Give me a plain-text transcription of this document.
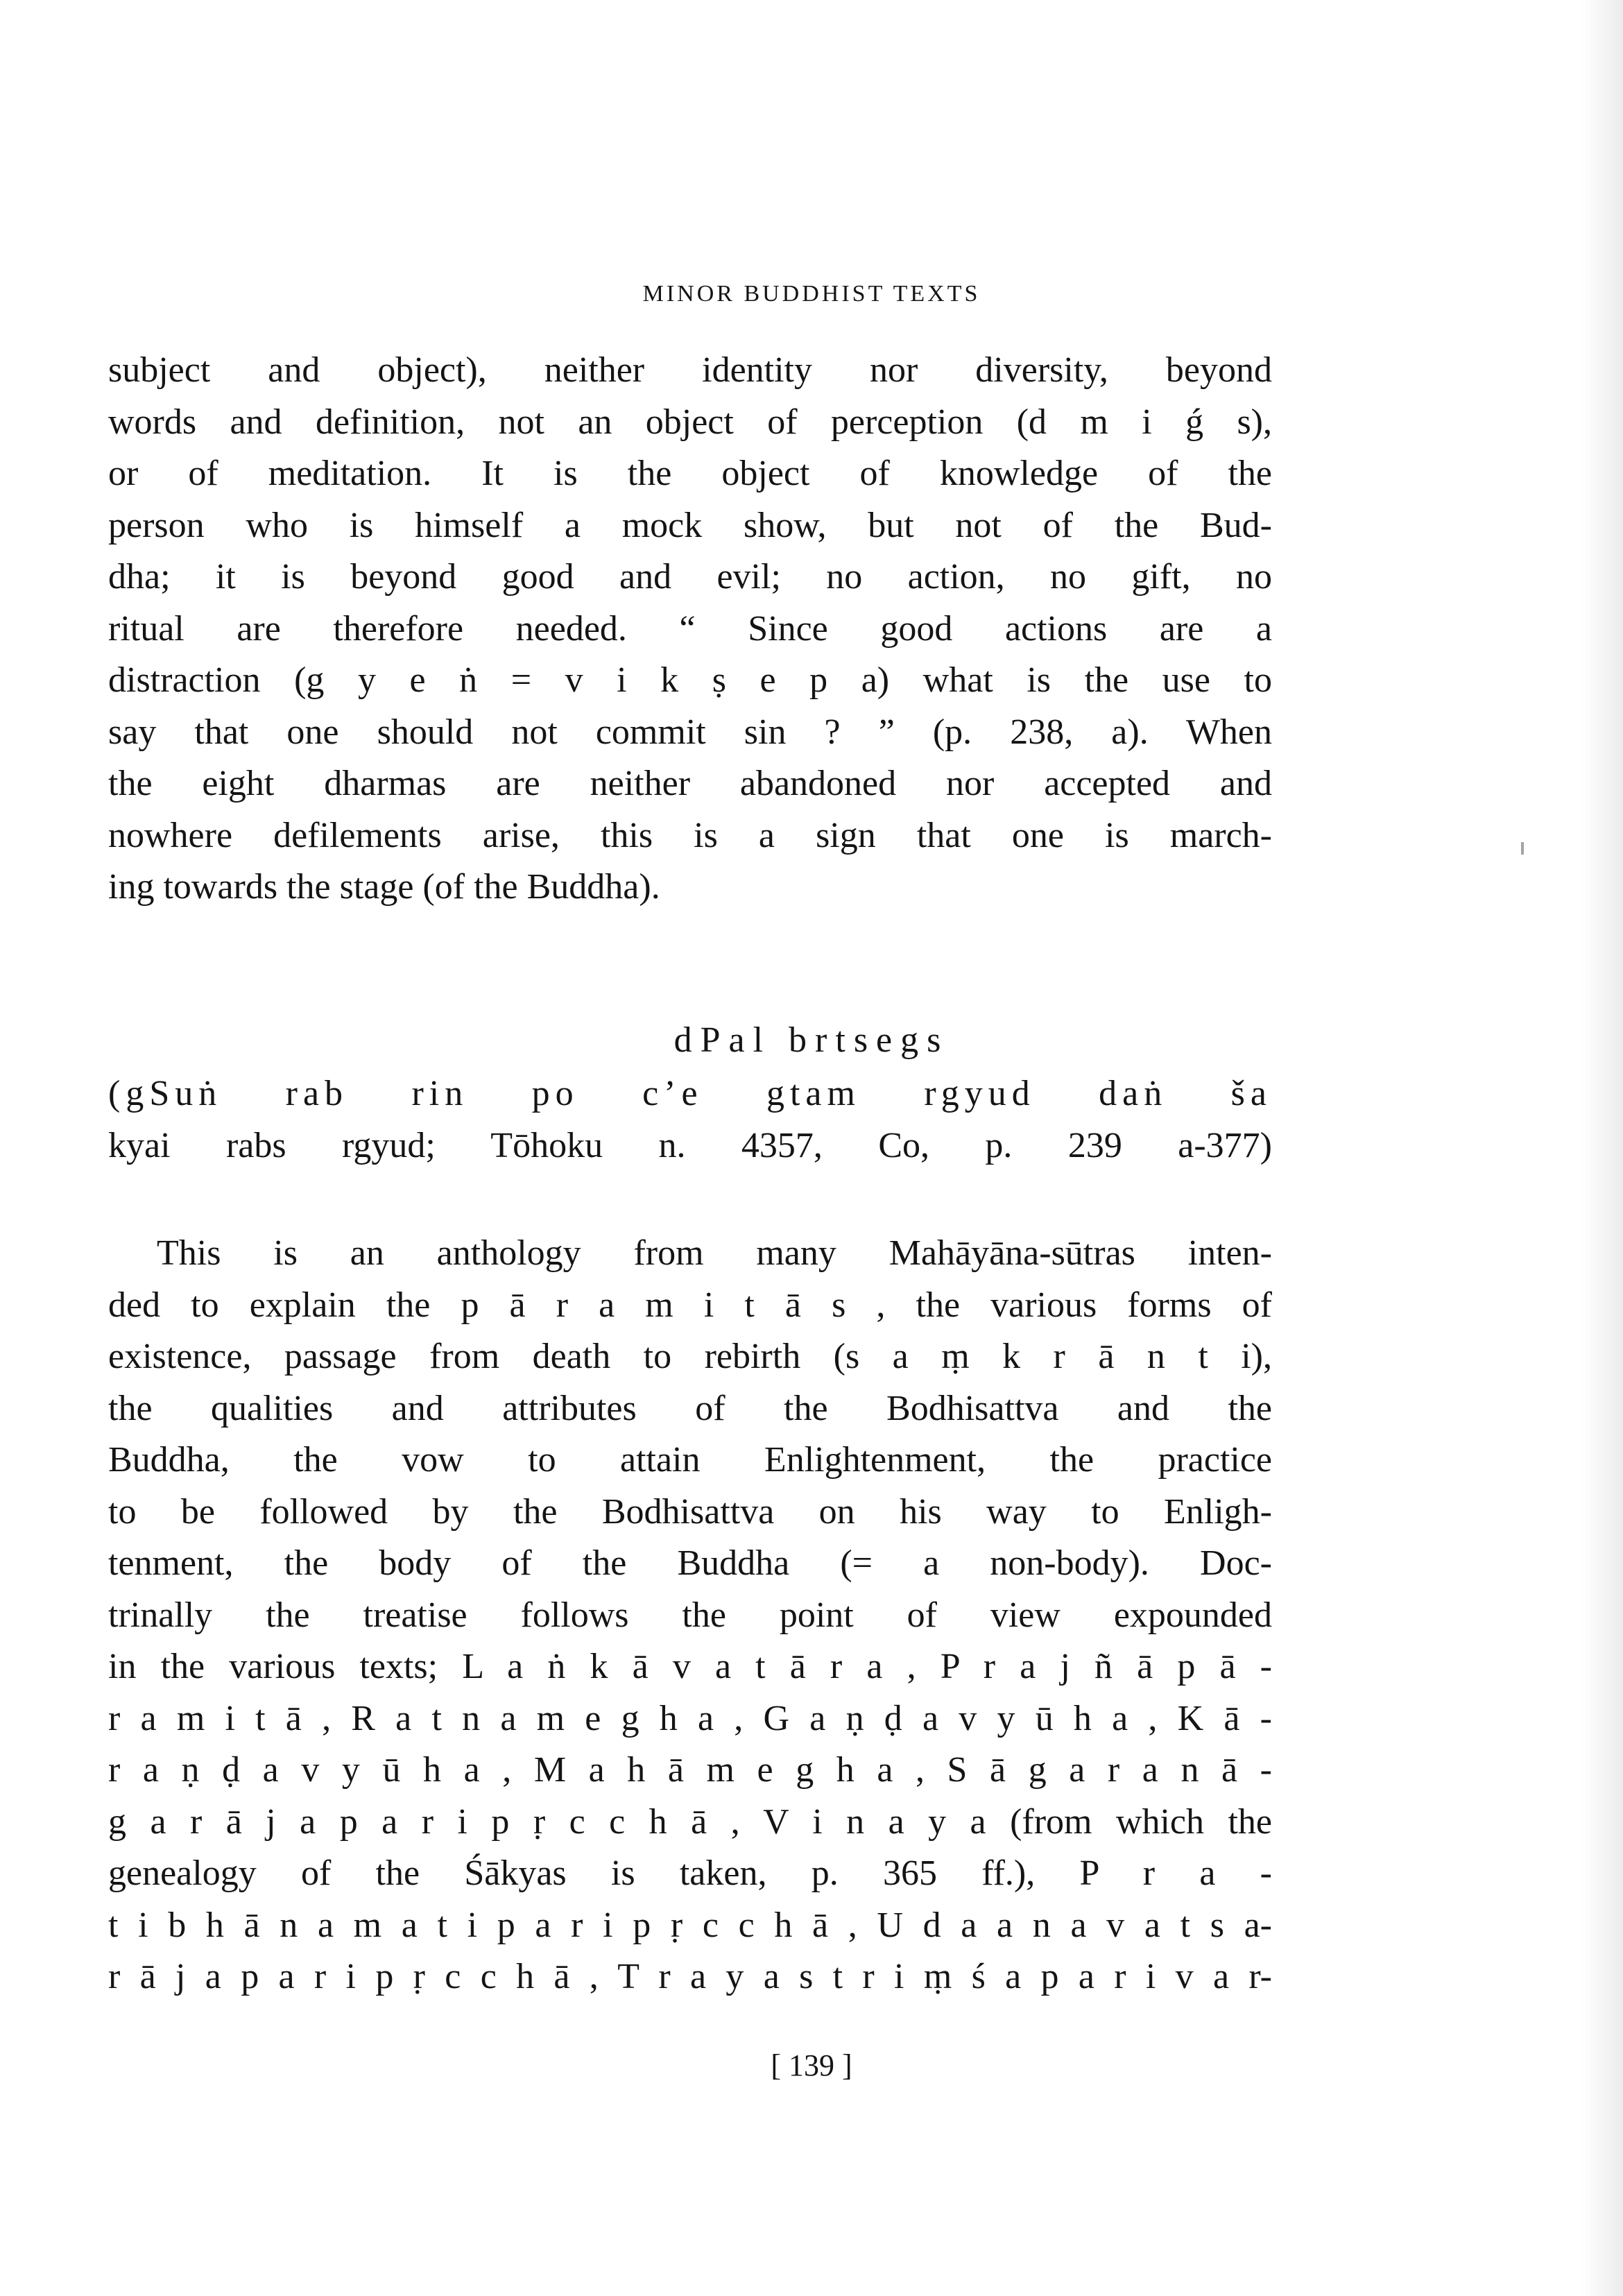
MINOR BUDDHIST TEXTS
subject and object), neither identity nor diversity, beyond
words and definition, not an object of perception (d m i ǵ s),
or of meditation. It is the object of knowledge of the
person who is himself a mock show, but not of the Bud-
dha; it is beyond good and evil; no action, no gift, no
ritual are therefore needed. “ Since good actions are a
distraction (g y e ṅ = v i k ṣ e p a) what is the use to
say that one should not commit sin ? ” (p. 238, a). When
the eight dharmas are neither abandoned nor accepted and
nowhere defilements arise, this is a sign that one is march-
ing towards the stage (of the Buddha).
dPal brtsegs
(gSuṅ rab rin po c’e gtam rgyud daṅ ša
kyai rabs rgyud; Tōhoku n. 4357, Co, p. 239 a-377)
This is an anthology from many Mahāyāna-sūtras inten-
ded to explain the p ā r a m i t ā s , the various forms of
existence, passage from death to rebirth (s a ṃ k r ā n t i),
the qualities and attributes of the Bodhisattva and the
Buddha, the vow to attain Enlightenment, the practice
to be followed by the Bodhisattva on his way to Enligh-
tenment, the body of the Buddha (= a non-body). Doc-
trinally the treatise follows the point of view expounded
in the various texts; L a ṅ k ā v a t ā r a , P r a j ñ ā p ā -
r a m i t ā , R a t n a m e g h a , G a ṇ ḍ a v y ū h a , K ā -
r a ṇ ḍ a v y ū h a , M a h ā m e g h a , S ā g a r a n ā -
g a r ā j a p a r i p ṛ c c h ā , V i n a y a (from which the
genealogy of the Śākyas is taken, p. 365 ff.), P r a -
t i b h ā n a m a t i p a r i p ṛ c c h ā , U d a a n a v a t s a-
r ā j a p a r i p ṛ c c h ā , T r a y a s t r i ṃ ś a p a r i v a r-
[ 139 ]
